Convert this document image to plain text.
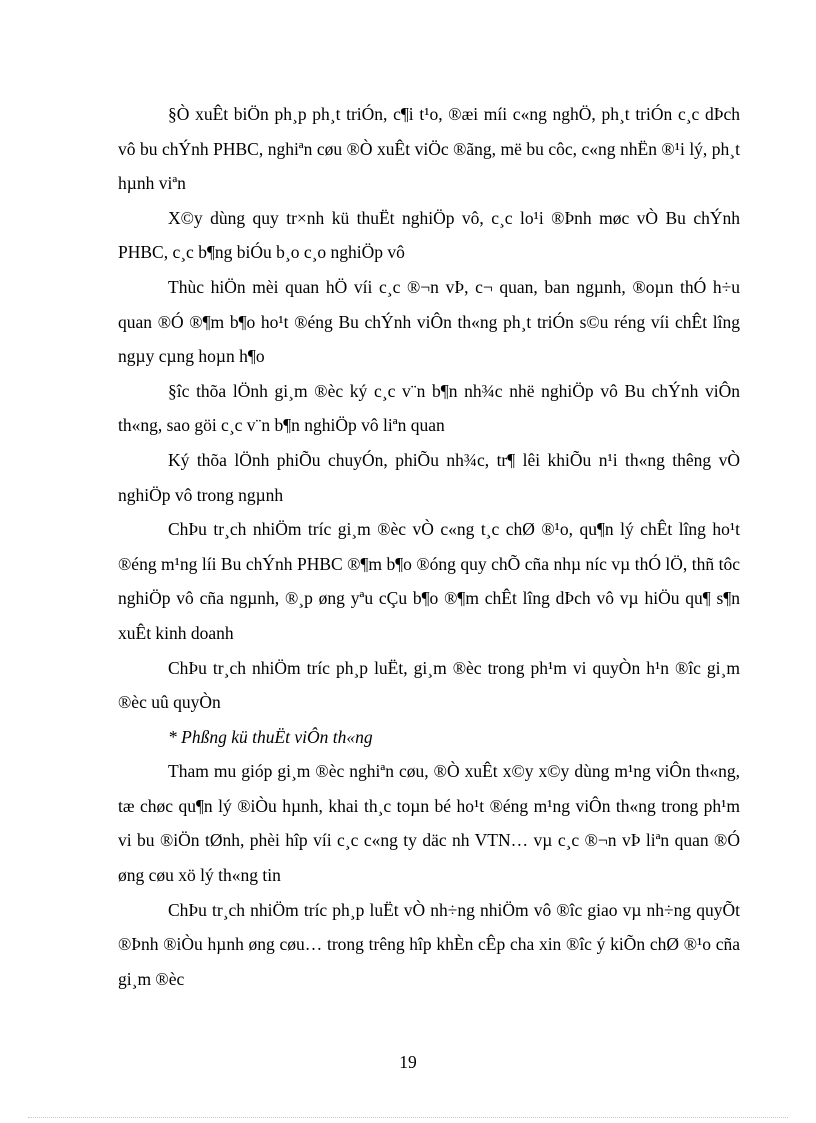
§Ò xuÊt biÖn ph¸p ph¸t triÓn, c¶i t¹o, ®æi míi c«ng nghÖ, ph¸t triÓn c¸c dÞch vô bu chÝnh PHBC, nghiªn cøu ®Ò xuÊt viÖc ®ãng, më bu côc, c«ng nhËn ®¹i lý, ph¸t hµnh viªn

X©y dùng quy tr×nh kü thuËt nghiÖp vô, c¸c lo¹i ®Þnh møc vÒ Bu chÝnh PHBC, c¸c b¶ng biÓu b¸o c¸o nghiÖp vô

Thùc hiÖn mèi quan hÖ víi c¸c ®¬n vÞ, c¬ quan, ban ngµnh, ®oµn thÓ h÷u quan ®Ó ®¶m b¶o ho¹t ®éng Bu chÝnh viÔn th«ng ph¸t triÓn s©u réng víi chÊt lîng ngµy cµng hoµn h¶o

§îc thõa lÖnh gi¸m ®èc ký c¸c v¨n b¶n nh¾c nhë nghiÖp vô Bu chÝnh viÔn th«ng, sao göi c¸c v¨n b¶n nghiÖp vô liªn quan

Ký thõa lÖnh phiÕu chuyÓn, phiÕu nh¾c, tr¶ lêi khiÕu n¹i th«ng thêng vÒ nghiÖp vô trong ngµnh

ChÞu tr¸ch nhiÖm tríc gi¸m ®èc vÒ c«ng t¸c chØ ®¹o, qu¶n lý chÊt lîng ho¹t ®éng m¹ng líi Bu chÝnh PHBC ®¶m b¶o ®óng quy chÕ cña nhµ níc vµ thÓ lÖ, thñ tôc nghiÖp vô cña ngµnh, ®¸p øng yªu cÇu b¶o ®¶m chÊt lîng dÞch vô vµ hiÖu qu¶ s¶n xuÊt kinh doanh

ChÞu tr¸ch nhiÖm tríc ph¸p luËt, gi¸m ®èc trong ph¹m vi quyÒn h¹n ®îc gi¸m ®èc uû quyÒn

* Phßng kü thuËt viÔn th«ng

Tham mu gióp gi¸m ®èc nghiªn cøu, ®Ò xuÊt x©y x©y dùng m¹ng viÔn th«ng, tæ chøc qu¶n lý ®iÒu hµnh, khai th¸c toµn bé ho¹t ®éng m¹ng viÔn th«ng trong ph¹m vi bu ®iÖn tØnh, phèi hîp víi c¸c c«ng ty däc nh VTN… vµ c¸c ®¬n vÞ liªn quan ®Ó øng cøu xö lý th«ng tin

ChÞu tr¸ch nhiÖm tríc ph¸p luËt vÒ nh÷ng nhiÖm vô ®îc giao vµ nh÷ng quyÕt ®Þnh ®iÒu hµnh øng cøu… trong trêng hîp khÈn cÊp cha xin ®îc ý kiÕn chØ ®¹o cña gi¸m ®èc

19
